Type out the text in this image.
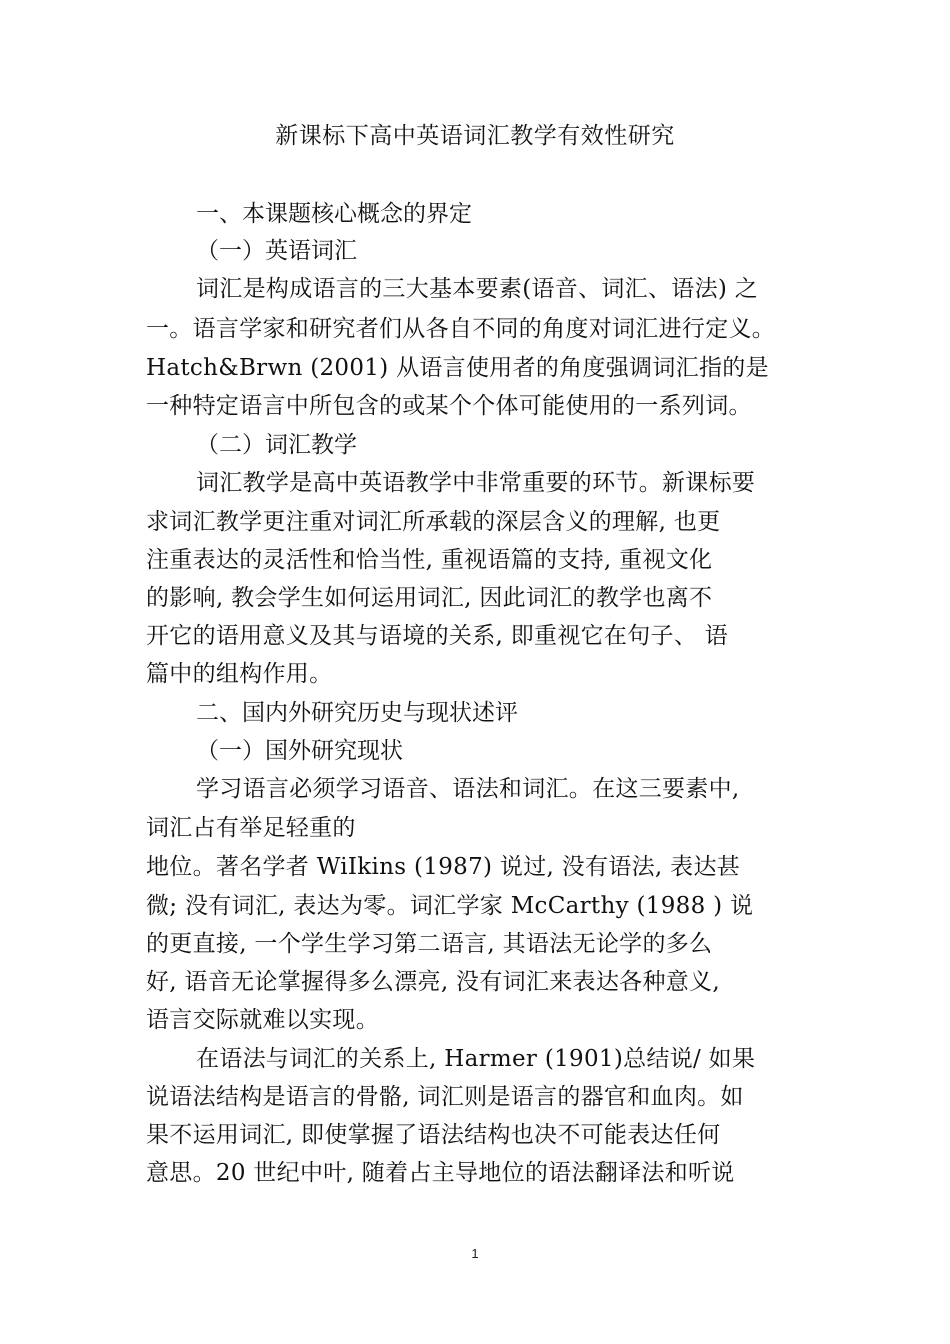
新课标下高中英语词汇教学有效性研究
一、本课题核心概念的界定
（一）英语词汇
词汇是构成语言的三大基本要素(语音、词汇、语法) 之
一。语言学家和研究者们从各自不同的角度对词汇进行定义。
Hatch&Brwn (2001) 从语言使用者的角度强调词汇指的是
一种特定语言中所包含的或某个个体可能使用的一系列词。
（二）词汇教学
词汇教学是高中英语教学中非常重要的环节。新课标要
求词汇教学更注重对词汇所承载的深层含义的理解, 也更
注重表达的灵活性和恰当性, 重视语篇的支持, 重视文化
的影响, 教会学生如何运用词汇, 因此词汇的教学也离不
开它的语用意义及其与语境的关系, 即重视它在句子、 语
篇中的组构作用。
二、国内外研究历史与现状述评
（一）国外研究现状
学习语言必须学习语音、语法和词汇。在这三要素中,
词汇占有举足轻重的
地位。著名学者 WiIkins (1987) 说过, 没有语法, 表达甚
微; 没有词汇, 表达为零。词汇学家 McCarthy (1988 ) 说
的更直接, 一个学生学习第二语言, 其语法无论学的多么
好, 语音无论掌握得多么漂亮, 没有词汇来表达各种意义,
语言交际就难以实现。
在语法与词汇的关系上, Harmer (1901)总结说/ 如果
说语法结构是语言的骨骼, 词汇则是语言的器官和血肉。如
果不运用词汇, 即使掌握了语法结构也决不可能表达任何
意思。20 世纪中叶, 随着占主导地位的语法翻译法和听说
1
